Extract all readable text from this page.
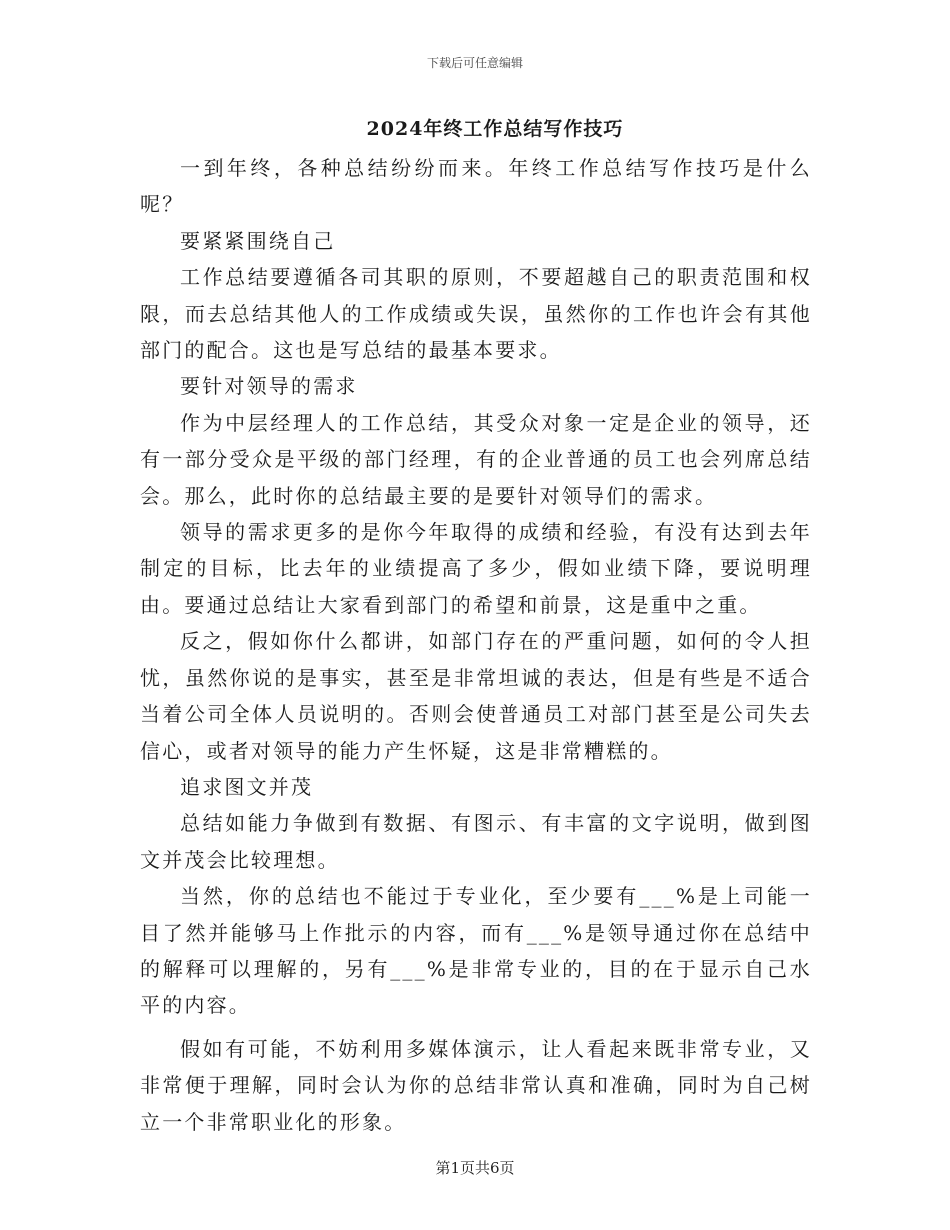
下载后可任意编辑
2024年终工作总结写作技巧

一到年终，各种总结纷纷而来。年终工作总结写作技巧是什么呢？

要紧紧围绕自己

工作总结要遵循各司其职的原则，不要超越自己的职责范围和权限，而去总结其他人的工作成绩或失误，虽然你的工作也许会有其他部门的配合。这也是写总结的最基本要求。

要针对领导的需求

作为中层经理人的工作总结，其受众对象一定是企业的领导，还有一部分受众是平级的部门经理，有的企业普通的员工也会列席总结会。那么，此时你的总结最主要的是要针对领导们的需求。

领导的需求更多的是你今年取得的成绩和经验，有没有达到去年制定的目标，比去年的业绩提高了多少，假如业绩下降，要说明理由。要通过总结让大家看到部门的希望和前景，这是重中之重。

反之，假如你什么都讲，如部门存在的严重问题，如何的令人担忧，虽然你说的是事实，甚至是非常坦诚的表达，但是有些是不适合当着公司全体人员说明的。否则会使普通员工对部门甚至是公司失去信心，或者对领导的能力产生怀疑，这是非常糟糕的。

追求图文并茂

总结如能力争做到有数据、有图示、有丰富的文字说明，做到图文并茂会比较理想。

当然，你的总结也不能过于专业化，至少要有___%是上司能一目了然并能够马上作批示的内容，而有___%是领导通过你在总结中的解释可以理解的，另有___%是非常专业的，目的在于显示自己水平的内容。

假如有可能，不妨利用多媒体演示，让人看起来既非常专业，又非常便于理解，同时会认为你的总结非常认真和准确，同时为自己树立一个非常职业化的形象。

第1页共6页
